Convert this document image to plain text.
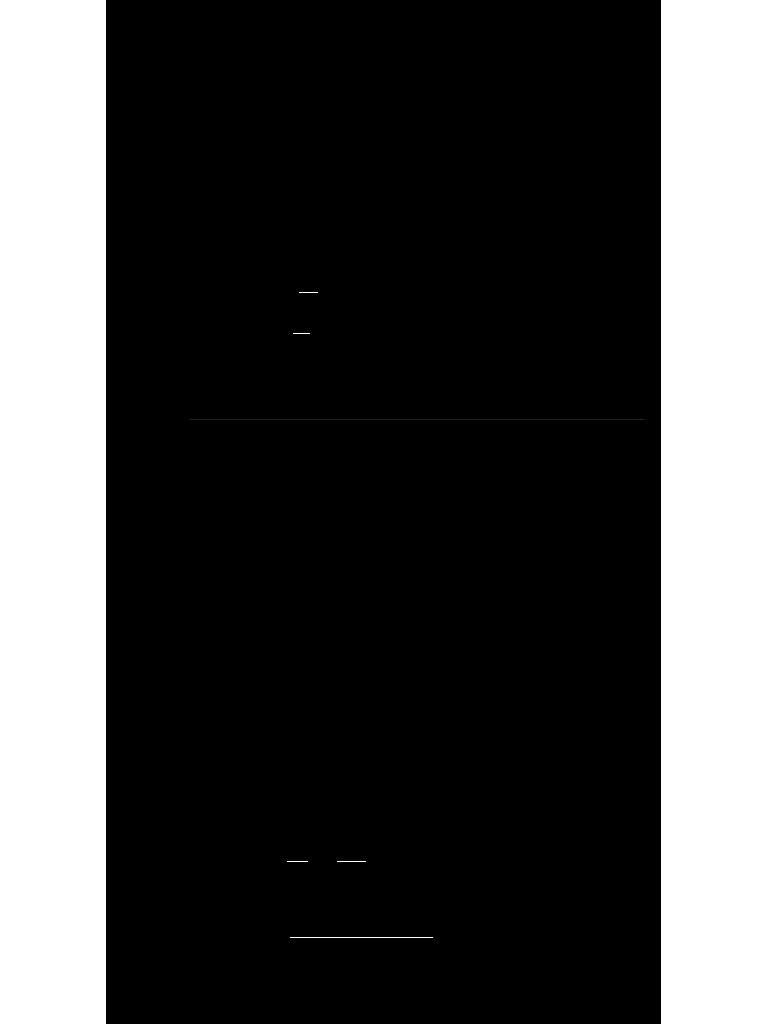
1. AC Voltage and Current
• Instantaneous Voltage:
$v = V_m$ sin(ωt)
• Instantaneous Current:
$i = I_m$ sin(ωt + ϕ)
• Peak and RMS values:
$V_{rms} = \frac{V_m}{√2}$
$I_{rms} = \frac{I_m}{√2}$
2. Reactance and Impedance
• Resistor in AC Circuit:
• Voltage and current are in phase.
• Ohm’s Law:
V = IR
• Inductive Reactance (XL):
$X_L = \omega L = 2\pi fL$
• Capacitive Reactance (XC):
$X_C = \frac{1}{\omega C} = \frac{1}{\text{2πfC}}$
• Impedance (Z) in Series RLC Circuit:
$Z = √R^2 + (X_L - X_C)^2$
